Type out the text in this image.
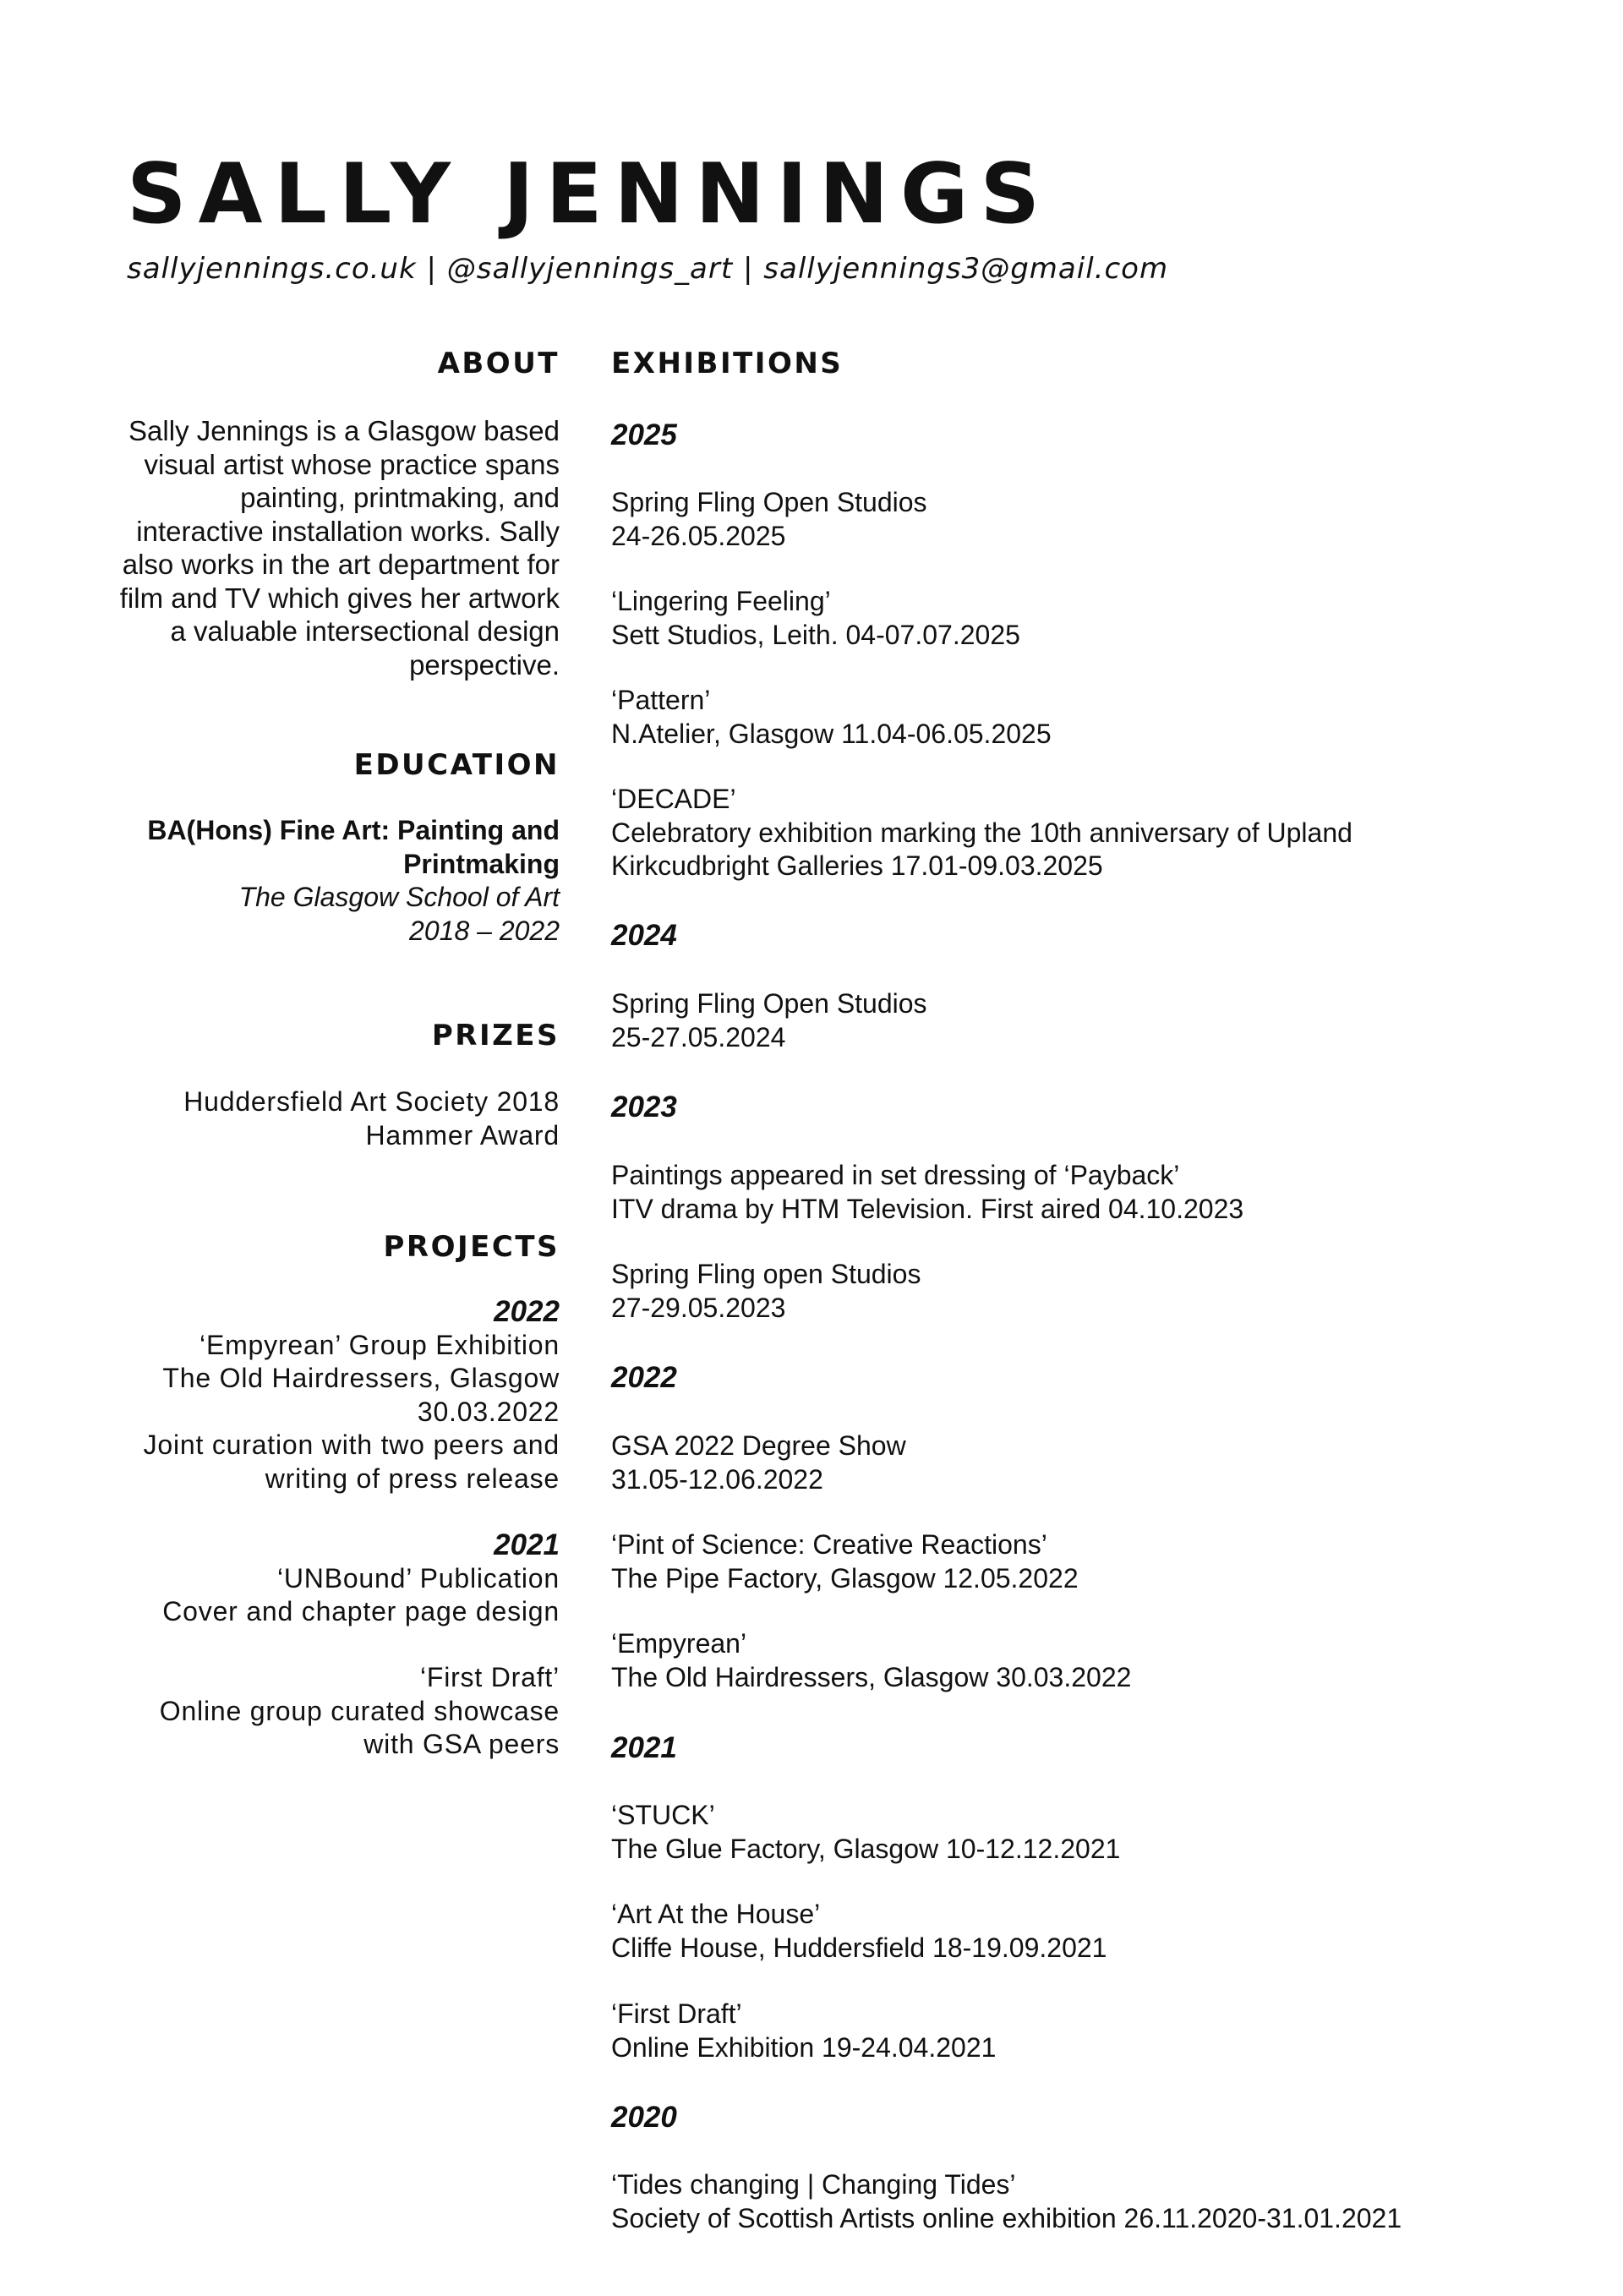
SALLY JENNINGS
sallyjennings.co.uk | @sallyjennings_art | sallyjennings3@gmail.com
ABOUT
Sally Jennings is a Glasgow based
visual artist whose practice spans
painting, printmaking, and
interactive installation works. Sally
also works in the art department for
film and TV which gives her artwork
a valuable intersectional design
perspective.
EDUCATION
BA(Hons) Fine Art: Painting and
Printmaking
The Glasgow School of Art
2018 – 2022
PRIZES
Huddersfield Art Society 2018
Hammer Award
PROJECTS
2022
‘Empyrean’ Group Exhibition
The Old Hairdressers, Glasgow
30.03.2022
Joint curation with two peers and
writing of press release
2021
‘UNBound’ Publication
Cover and chapter page design
‘First Draft’
Online group curated showcase
with GSA peers
EXHIBITIONS
2025
Spring Fling Open Studios
24-26.05.2025
‘Lingering Feeling’
Sett Studios, Leith. 04-07.07.2025
‘Pattern’
N.Atelier, Glasgow 11.04-06.05.2025
‘DECADE’
Celebratory exhibition marking the 10th anniversary of Upland
Kirkcudbright Galleries 17.01-09.03.2025
2024
Spring Fling Open Studios
25-27.05.2024
2023
Paintings appeared in set dressing of ‘Payback’
ITV drama by HTM Television. First aired 04.10.2023
Spring Fling open Studios
27-29.05.2023
2022
GSA 2022 Degree Show
31.05-12.06.2022
‘Pint of Science: Creative Reactions’
The Pipe Factory, Glasgow 12.05.2022
‘Empyrean’
The Old Hairdressers, Glasgow 30.03.2022
2021
‘STUCK’
The Glue Factory, Glasgow 10-12.12.2021
‘Art At the House’
Cliffe House, Huddersfield 18-19.09.2021
‘First Draft’
Online Exhibition 19-24.04.2021
2020
‘Tides changing | Changing Tides’
Society of Scottish Artists online exhibition 26.11.2020-31.01.2021
